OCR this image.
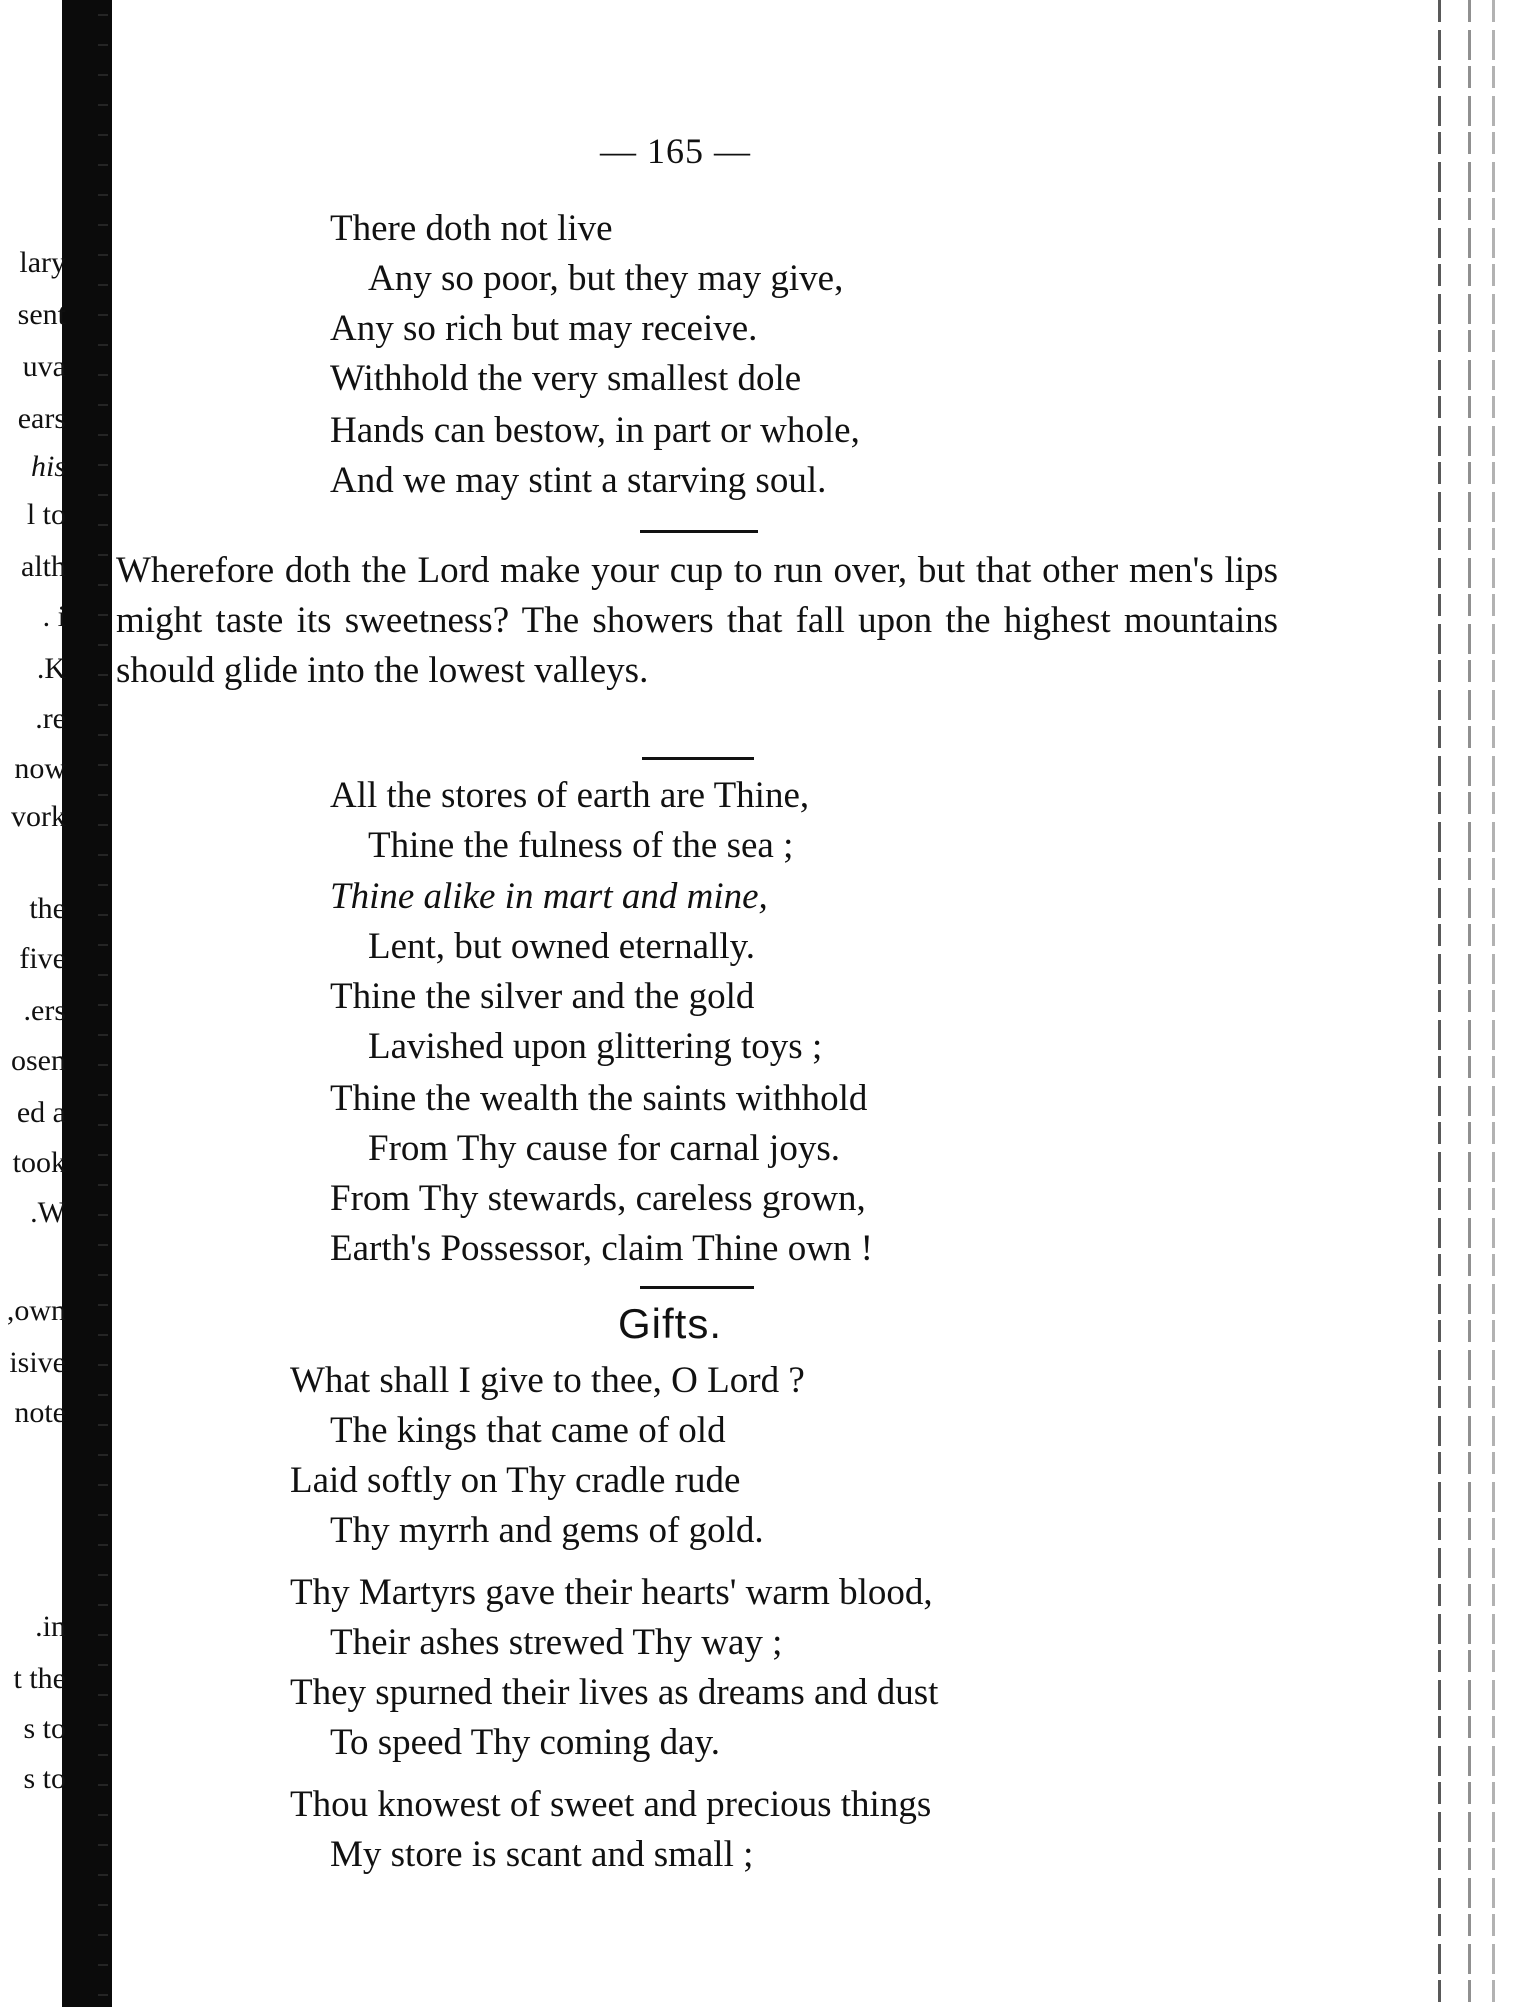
lary
sent
uva
ears
his
l to
alth
i .
K.
re.
now
vork
the
five
ers.
osen
ed a
took
W.
own,
isive
note
in.
t the
s to
s to
— 165 —
There doth not live
Any so poor, but they may give,
Any so rich but may receive.
Withhold the very smallest dole
Hands can bestow, in part or whole,
And we may stint a starving soul.
Wherefore doth the Lord make your cup to run over, but that other men's lips might taste its sweetness? The showers that fall upon the highest mountains should glide into the lowest valleys.
All the stores of earth are Thine,
Thine the fulness of the sea ;
Thine alike in mart and mine,
Lent, but owned eternally.
Thine the silver and the gold
Lavished upon glittering toys ;
Thine the wealth the saints withhold
From Thy cause for carnal joys.
From Thy stewards, careless grown,
Earth's Possessor, claim Thine own !
Gifts.
What shall I give to thee, O Lord ?
The kings that came of old
Laid softly on Thy cradle rude
Thy myrrh and gems of gold.
Thy Martyrs gave their hearts' warm blood,
Their ashes strewed Thy way ;
They spurned their lives as dreams and dust
To speed Thy coming day.
Thou knowest of sweet and precious things
My store is scant and small ;
